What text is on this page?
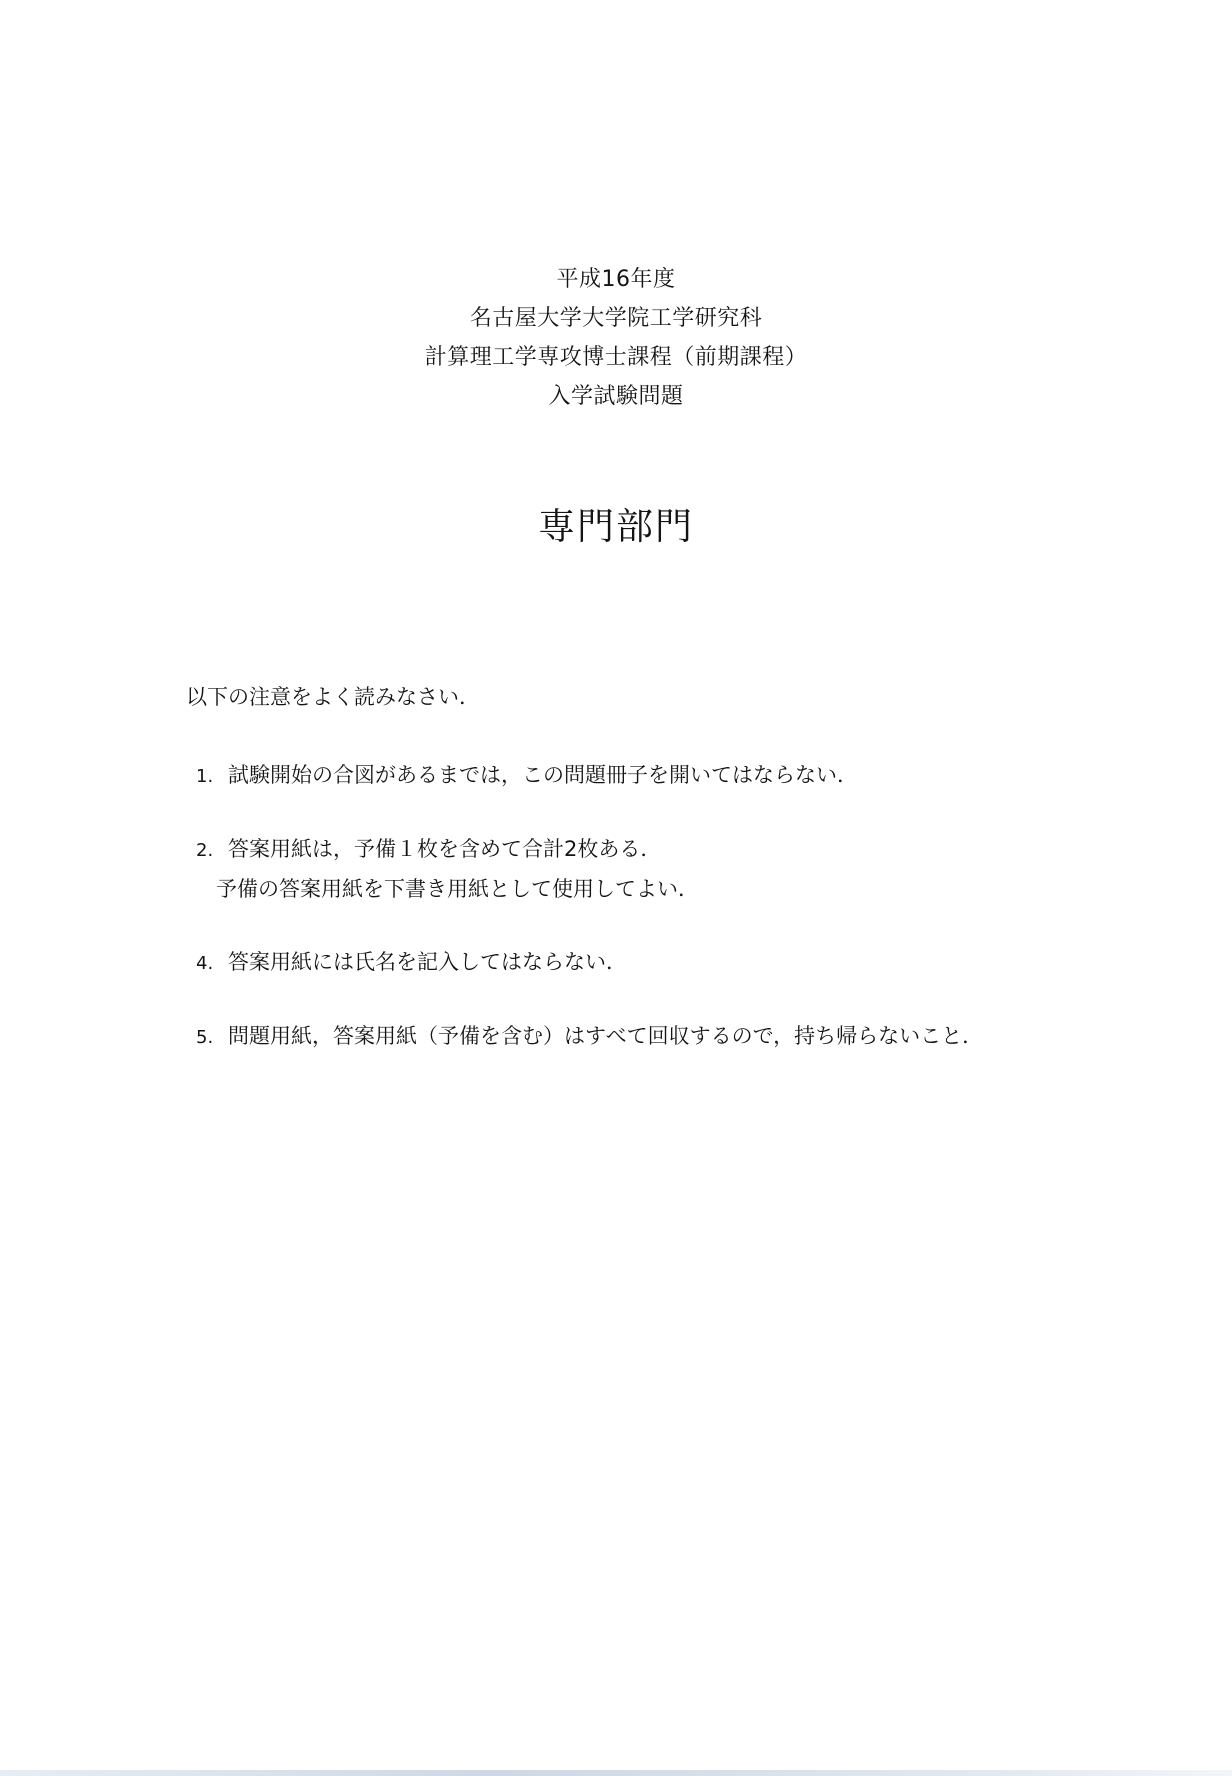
平成16年度
名古屋大学大学院工学研究科
計算理工学専攻博士課程（前期課程）
入学試験問題
専門部門
以下の注意をよく読みなさい．
1. 試験開始の合図があるまでは，この問題冊子を開いてはならない．
2. 答案用紙は，予備１枚を含めて合計2枚ある．
予備の答案用紙を下書き用紙として使用してよい．
4. 答案用紙には氏名を記入してはならない．
5. 問題用紙，答案用紙（予備を含む）はすべて回収するので，持ち帰らないこと．
